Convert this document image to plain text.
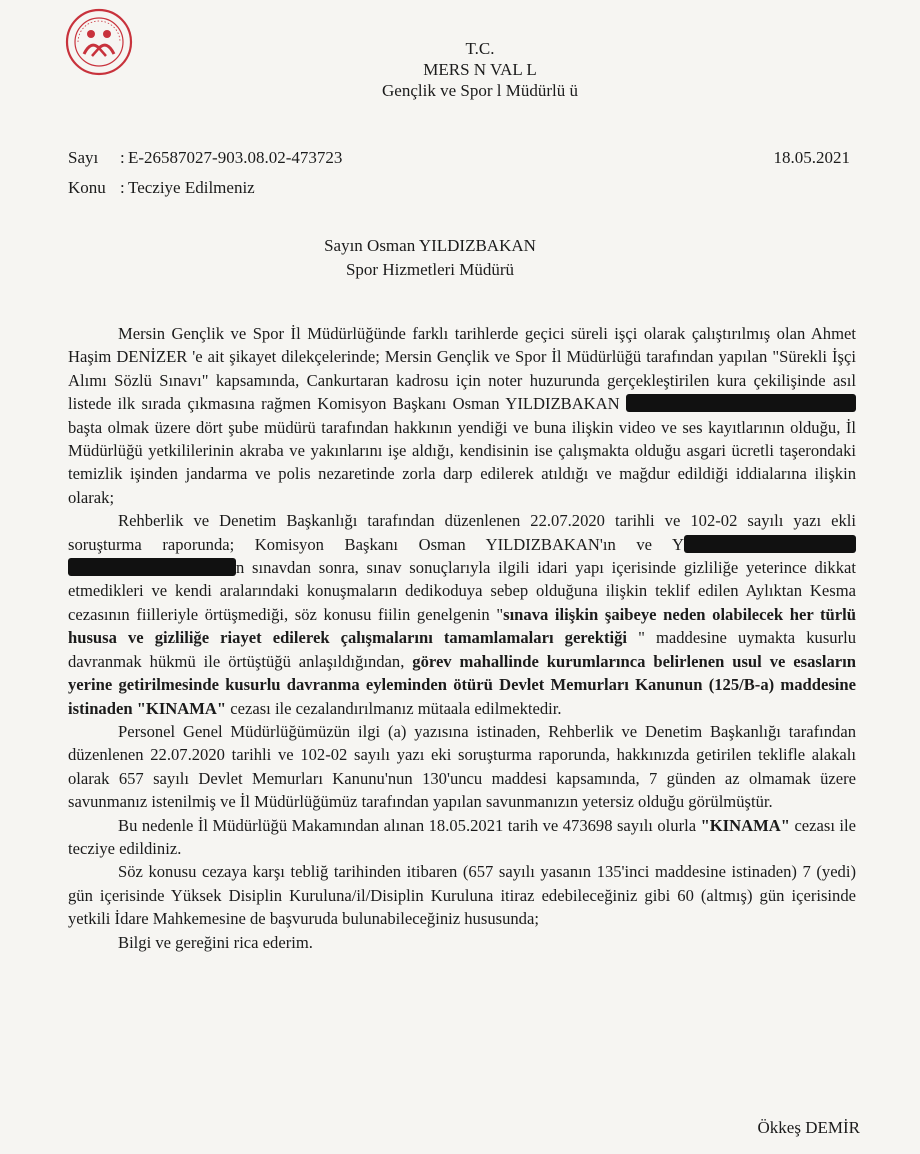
T.C.
MERS N VAL L
Gençlik ve Spor l Müdürlü ü
Sayı : E-26587027-903.08.02-473723	18.05.2021
Konu : Tecziye Edilmeniz
Sayın Osman YILDIZBAKAN
Spor Hizmetleri Müdürü

Mersin Gençlik ve Spor İl Müdürlüğünde farklı tarihlerde geçici süreli işçi olarak çalıştırılmış olan Ahmet Haşim DENİZER 'e ait şikayet dilekçelerinde; Mersin Gençlik ve Spor İl Müdürlüğü tarafından yapılan "Sürekli İşçi Alımı Sözlü Sınavı" kapsamında, Cankurtaran kadrosu için noter huzurunda gerçekleştirilen kura çekilişinde asıl listede ilk sırada çıkmasına rağmen Komisyon Başkanı Osman YILDIZBAKAN  başta olmak üzere dört şube müdürü tarafından hakkının yendiği ve buna ilişkin video ve ses kayıtlarının olduğu, İl Müdürlüğü yetkililerinin akraba ve yakınlarını işe aldığı, kendisinin ise çalışmakta olduğu asgari ücretli taşerondaki temizlik işinden jandarma ve polis nezaretinde zorla darp edilerek atıldığı ve mağdur edildiği iddialarına ilişkin olarak;

Rehberlik ve Denetim Başkanlığı tarafından düzenlenen 22.07.2020 tarihli ve 102-02 sayılı yazı ekli soruşturma raporunda; Komisyon Başkanı Osman YILDIZBAKAN'ın ve Y n sınavdan sonra, sınav sonuçlarıyla ilgili idari yapı içerisinde gizliliğe yeterince dikkat etmedikleri ve kendi aralarındaki konuşmaların dedikoduya sebep olduğuna ilişkin teklif edilen Aylıktan Kesma cezasının fiilleriyle örtüşmediği, söz konusu fiilin genelgenin "sınava ilişkin şaibeye neden olabilecek her türlü hususa ve gizliliğe riayet edilerek çalışmalarını tamamlamaları gerektiği " maddesine uymakta kusurlu davranmak hükmü ile örtüştüğü anlaşıldığından, görev mahallinde kurumlarınca belirlenen usul ve esasların yerine getirilmesinde kusurlu davranma eyleminden ötürü Devlet Memurları Kanunun (125/B-a) maddesine istinaden "KINAMA" cezası ile cezalandırılmanız mütaala edilmektedir.

Personel Genel Müdürlüğümüzün ilgi (a) yazısına istinaden, Rehberlik ve Denetim Başkanlığı tarafından düzenlenen 22.07.2020 tarihli ve 102-02 sayılı yazı eki soruşturma raporunda, hakkınızda getirilen teklifle alakalı olarak 657 sayılı Devlet Memurları Kanunu'nun 130'uncu maddesi kapsamında, 7 günden az olmamak üzere savunmanız istenilmiş ve İl Müdürlüğümüz tarafından yapılan savunmanızın yetersiz olduğu görülmüştür.

Bu nedenle İl Müdürlüğü Makamından alınan 18.05.2021 tarih ve 473698 sayılı olurla "KINAMA" cezası ile tecziye edildiniz.

Söz konusu cezaya karşı tebliğ tarihinden itibaren (657 sayılı yasanın 135'inci maddesine istinaden) 7 (yedi) gün içerisinde Yüksek Disiplin Kuruluna/il/Disiplin Kuruluna itiraz edebileceğiniz gibi 60 (altmış) gün içerisinde yetkili İdare Mahkemesine de başvuruda bulunabileceğiniz hususunda;

Bilgi ve gereğini rica ederim.

Ökkeş DEMİR
